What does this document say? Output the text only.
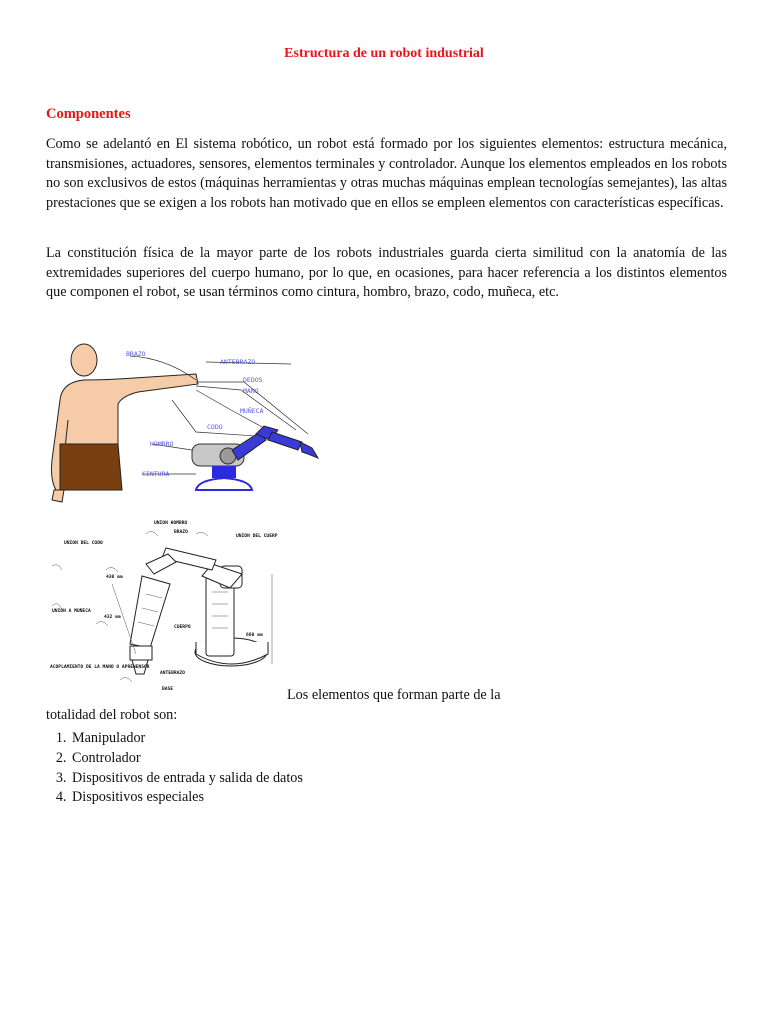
Estructura de un robot industrial
Componentes

Como se adelantó en El sistema robótico, un robot está formado por los siguientes elementos: estructura mecánica, transmisiones, actuadores, sensores, elementos terminales y controlador. Aunque los elementos empleados en los robots no son exclusivos de estos (máquinas herramientas y otras muchas máquinas emplean tecnologías semejantes), las altas prestaciones que se exigen a los robots han motivado que en ellos se empleen elementos con características específicas.

La constitución física de la mayor parte de los robots industriales guarda cierta similitud con la anatomía de las extremidades superiores del cuerpo humano, por lo que, en ocasiones, para hacer referencia a los distintos elementos que componen el robot, se usan términos como cintura, hombro, brazo, codo, muñeca, etc.

BRAZO
ANTEBRAZO
DEDOS
MANO
MUÑECA
CODO
HOMBRO
CINTURA
UNION HOMBRO
BRAZO
UNION DEL CUERP
UNION DEL CODO
UNION A MUÑECA
ACOPLAMIENTO DE LA MANO O APREHENSOR
CUERPO
ANTEBRAZO
BASE
430 mm
432 mm
660 mm
Los elementos que forman parte de la
totalidad del robot son:
1. Manipulador
2. Controlador
3. Dispositivos de entrada y salida de datos
4. Dispositivos especiales
